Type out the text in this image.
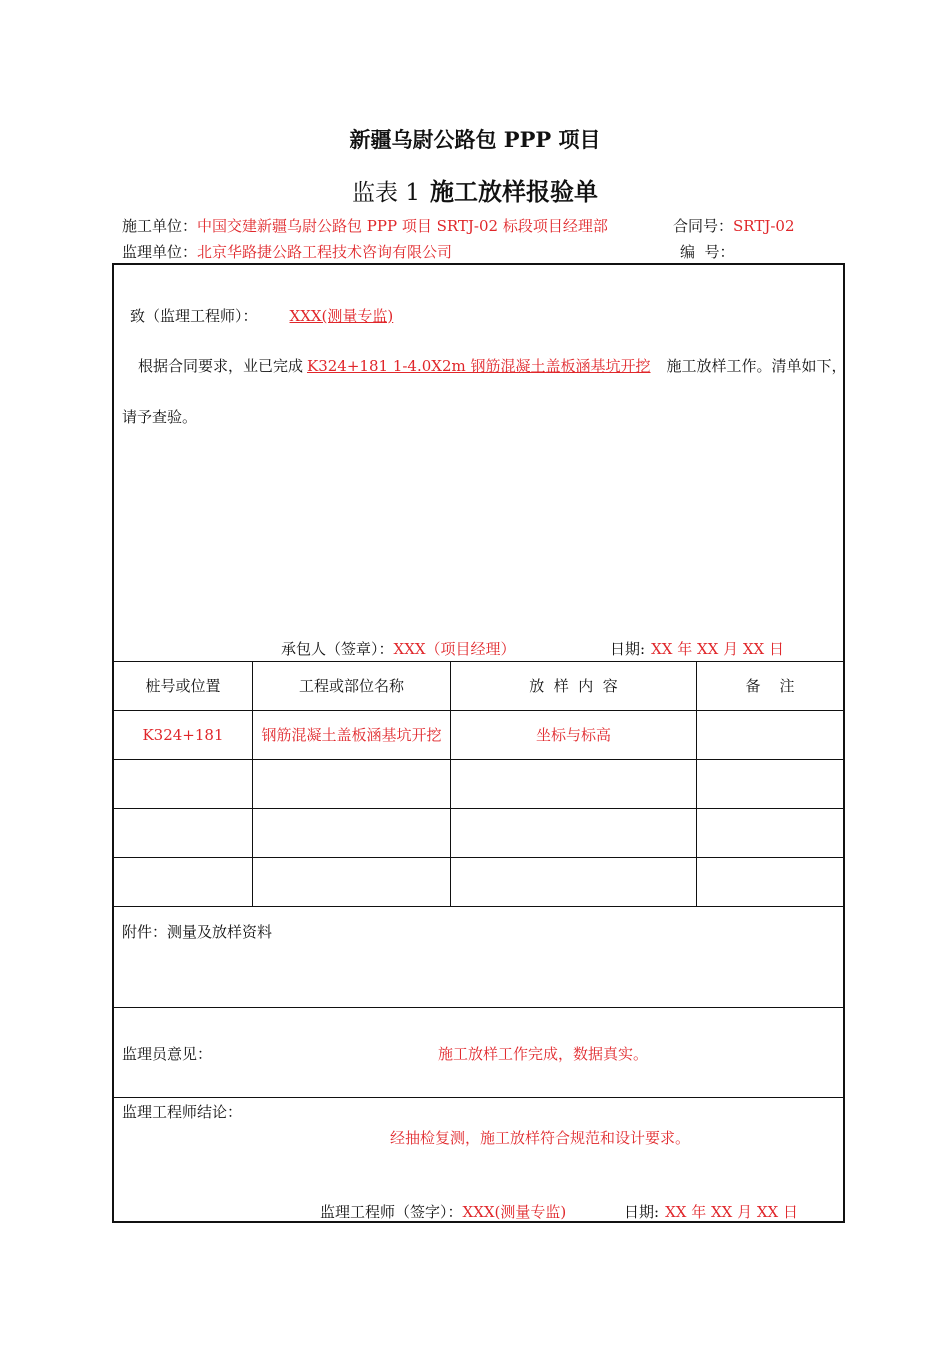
新疆乌尉公路包 PPP 项目
监表 1 施工放样报验单
施工单位：中国交建新疆乌尉公路包 PPP 项目 SRTJ-02 标段项目经理部	合同号：SRTJ-02
监理单位：北京华路捷公路工程技术咨询有限公司	编  号：
致（监理工程师）： XXX(测量专监)
根据合同要求，业已完成 K324+181 1-4.0X2m 钢筋混凝土盖板涵基坑开挖 施工放样工作。清单如下，
请予查验。
承包人（签章）：XXX（项目经理）	日期: XX 年 XX 月 XX 日
桩号或位置	工程或部位名称	放  样  内  容	备    注
K324+181	钢筋混凝土盖板涵基坑开挖	坐标与标高
附件：测量及放样资料
监理员意见：	施工放样工作完成，数据真实。
监理工程师结论：
经抽检复测，施工放样符合规范和设计要求。
监理工程师（签字）：XXX(测量专监)	日期: XX 年 XX 月 XX 日
